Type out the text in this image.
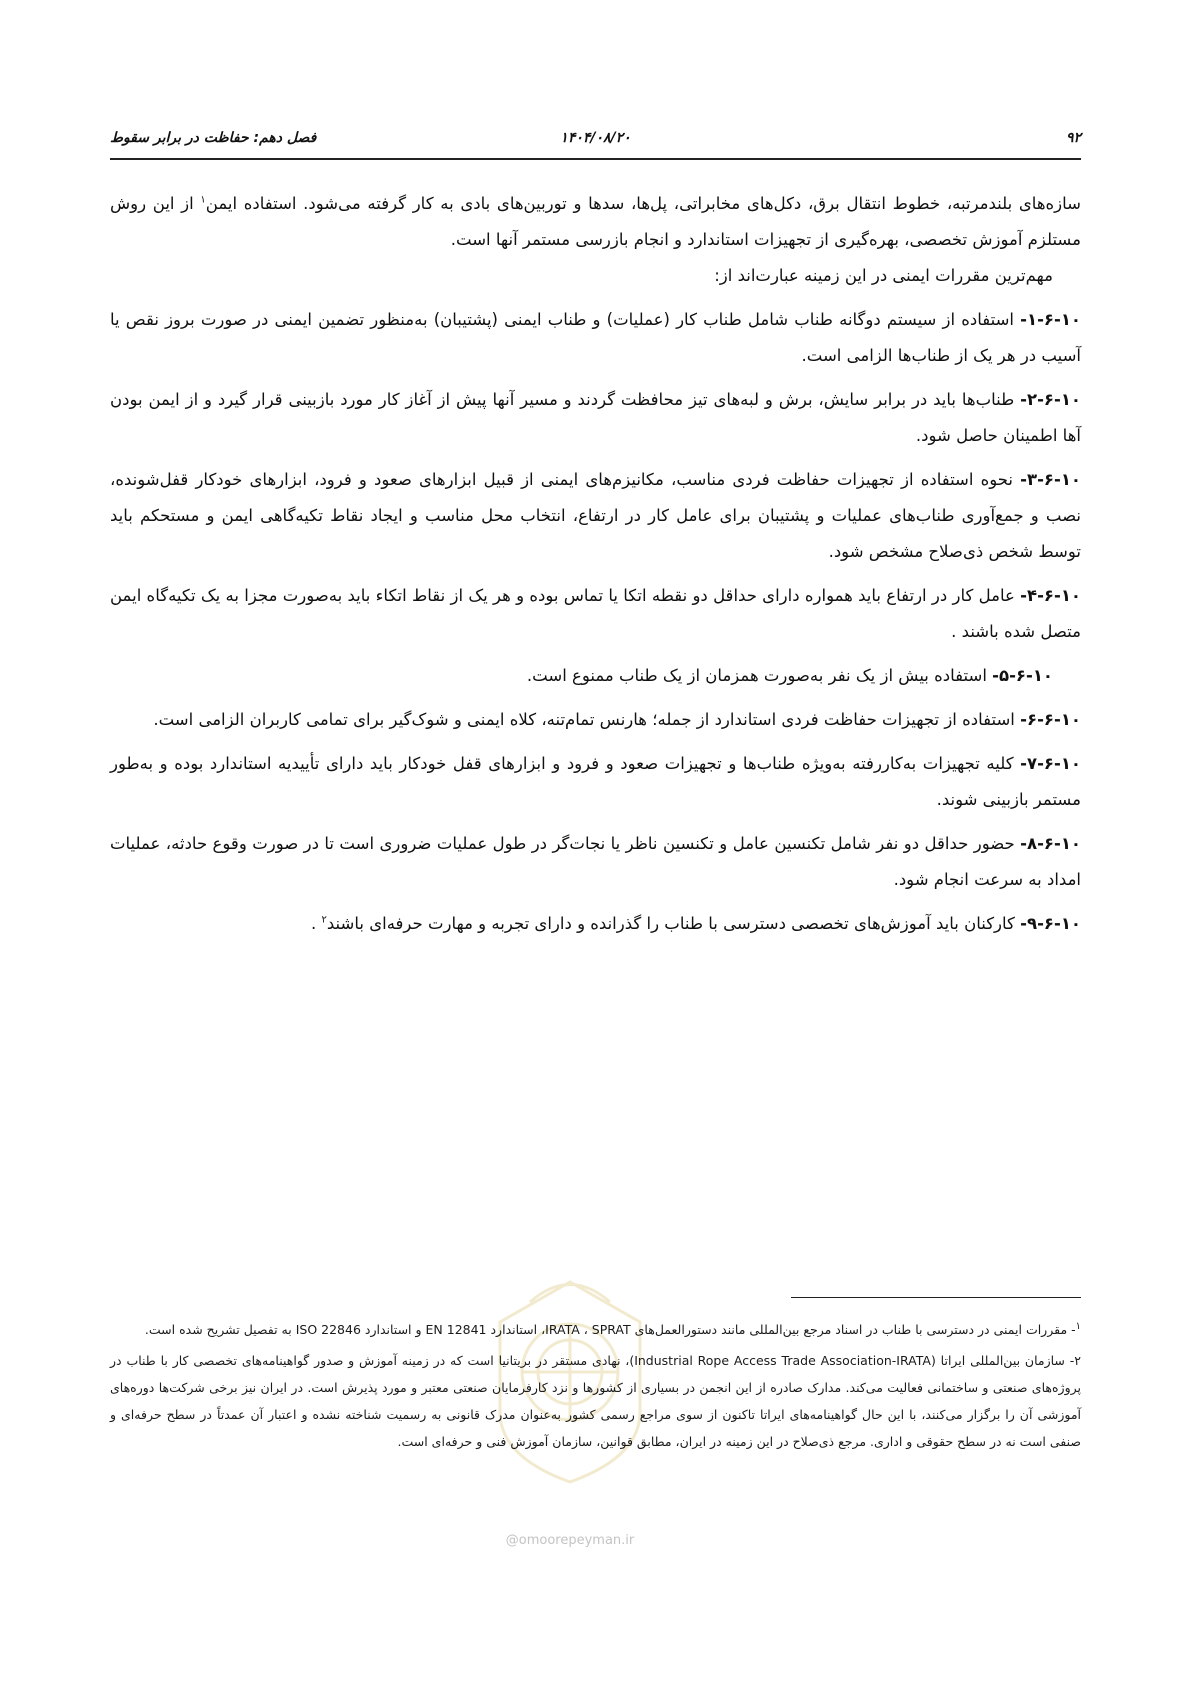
۹۲
۱۴۰۴/۰۸/۲۰
فصل دهم: حفاظت در برابر سقوط

سازه‌های بلندمرتبه، خطوط انتقال برق، دکل‌های مخابراتی، پل‌ها، سدها و توربین‌های بادی به کار گرفته می‌شود. استفاده ایمن$^۱$ از این روش مستلزم آموزش تخصصی، بهره‌گیری از تجهیزات استاندارد و انجام بازرسی مستمر آنها است.

مهم‌ترین مقررات ایمنی در این زمینه عبارت‌اند از:

۱-۶-۱۰- استفاده از سیستم دوگانه طناب شامل طناب کار (عملیات) و طناب ایمنی (پشتیبان) به‌منظور تضمین ایمنی در صورت بروز نقص یا آسیب در هر یک از طناب‌ها الزامی است.

۲-۶-۱۰- طناب‌ها باید در برابر سایش، برش و لبه‌های تیز محافظت گردند و مسیر آنها پیش از آغاز کار مورد بازبینی قرار گیرد و از ایمن بودن آها اطمینان حاصل شود.

۳-۶-۱۰- نحوه استفاده از تجهیزات حفاظت فردی مناسب، مکانیزم‌های ایمنی از قبیل ابزارهای صعود و فرود، ابزارهای خودکار قفل‌شونده، نصب و جمع‌آوری طناب‌های عملیات و پشتیبان برای عامل کار در ارتفاع، انتخاب محل مناسب و ایجاد نقاط تکیه‌گاهی ایمن و مستحکم باید توسط شخص ذی‌صلاح مشخص شود.

۴-۶-۱۰- عامل کار در ارتفاع باید همواره دارای حداقل دو نقطه اتکا یا تماس بوده و هر یک از نقاط اتکاء باید به‌صورت مجزا به یک تکیه‌گاه ایمن متصل شده باشند .

۵-۶-۱۰- استفاده بیش از یک نفر به‌صورت همزمان از یک طناب ممنوع است.

۶-۶-۱۰- استفاده از تجهیزات حفاظت فردی استاندارد از جمله؛ هارنس تمام‌تنه، کلاه ایمنی و شوک‌گیر برای تمامی کاربران الزامی است.

۷-۶-۱۰- کلیه تجهیزات به‌کاررفته به‌ویژه طناب‌ها و تجهیزات صعود و فرود و ابزارهای قفل خودکار باید دارای تأییدیه استاندارد بوده و به‌طور مستمر بازبینی شوند.

۸-۶-۱۰- حضور حداقل دو نفر شامل تکنسین عامل و تکنسین ناظر یا نجات‌گر در طول عملیات ضروری است تا در صورت وقوع حادثه، عملیات امداد به سرعت انجام شود.

۹-۶-۱۰- کارکنان باید آموزش‌های تخصصی دسترسی با طناب را گذرانده و دارای تجربه و مهارت حرفه‌ای باشند$^۲$ .

@omoorepeyman.ir

$^۱$- مقررات ایمنی در دسترسی با طناب در اسناد مرجع بین‌المللی مانند دستورالعمل‌های IRATA ، SPRAT، استاندارد EN 12841 و استاندارد ISO 22846 به تفصیل تشریح شده است.

۲- سازمان بین‌المللی ایراتا (Industrial Rope Access Trade Association-IRATA)، نهادی مستقر در بریتانیا است که در زمینه آموزش و صدور گواهینامه‌های تخصصی کار با طناب در پروژه‌های صنعتی و ساختمانی فعالیت می‌کند. مدارک صادره از این انجمن در بسیاری از کشورها و نزد کارفرمایان صنعتی معتبر و مورد پذیرش است. در ایران نیز برخی شرکت‌ها دوره‌های آموزشی آن را برگزار می‌کنند، با این حال گواهینامه‌های ایراتا تاکنون از سوی مراجع رسمی کشور به‌عنوان مدرک قانونی به رسمیت شناخته نشده و اعتبار آن عمدتاً در سطح حرفه‌ای و صنفی است نه در سطح حقوقی و اداری. مرجع ذی‌صلاح در این زمینه در ایران، مطابق قوانین، سازمان آموزش فنی و حرفه‌ای است.
